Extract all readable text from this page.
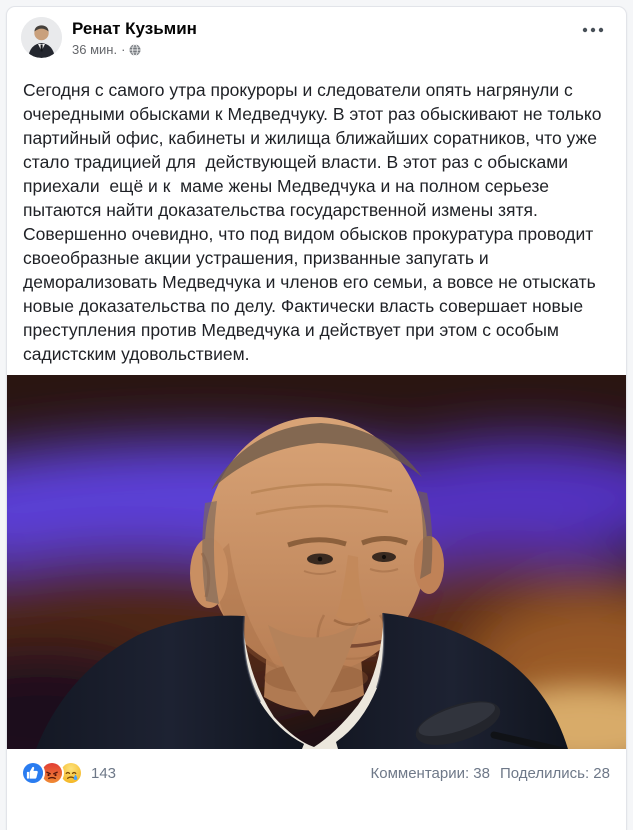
Ренат Кузьмин
36 мин. ·
Сегодня с самого утра прокуроры и следователи опять нагрянули с очередными обысками к Медведчуку. В этот раз обыскивают не только партийный офис, кабинеты и жилища ближайших соратников, что уже  стало традицией для  действующей власти. В этот раз с обысками приехали  ещё и к  маме жены Медведчука и на полном серьезе пытаются найти доказательства государственной измены зятя. Совершенно очевидно, что под видом обысков прокуратура проводит своеобразные акции устрашения, призванные запугать и деморализовать Медведчука и членов его семьи, а вовсе не отыскать новые доказательства по делу. Фактически власть совершает новые преступления против Медведчука и действует при этом с особым садистским удовольствием.
143	Комментарии: 38 Поделились: 28
